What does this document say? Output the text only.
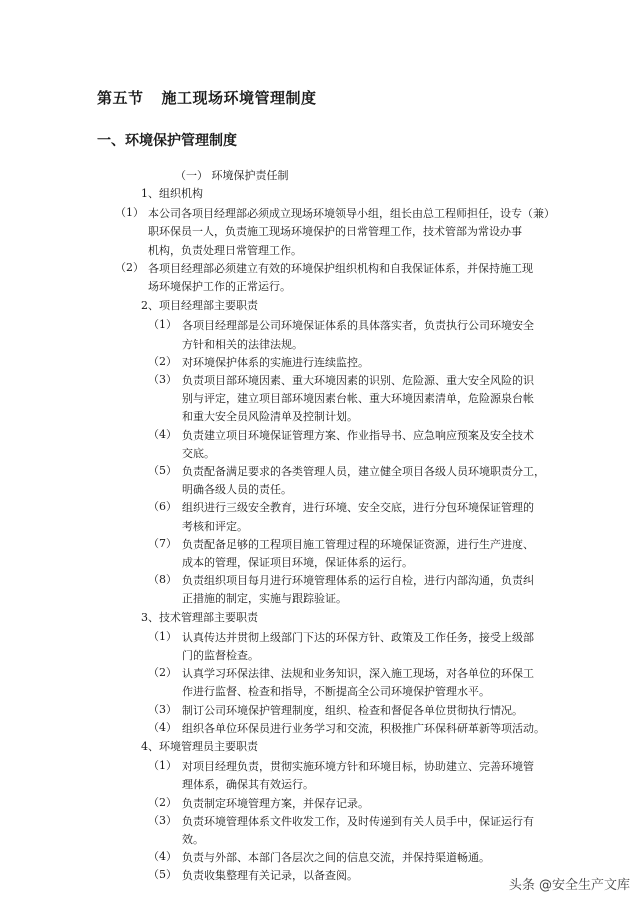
第五节 施工现场环境管理制度
一、环境保护管理制度
（一） 环境保护责任制
1、组织机构
（1） 本公司各项目经理部必须成立现场环境领导小组，组长由总工程师担任，设专（兼）
职环保员一人，负责施工现场环境保护的日常管理工作，技术管部为常设办事
机构，负责处理日常管理工作。
（2） 各项目经理部必须建立有效的环境保护组织机构和自我保证体系，并保持施工现
场环境保护工作的正常运行。
2、项目经理部主要职责
（1） 各项目经理部是公司环境保证体系的具体落实者，负责执行公司环境安全
方针和相关的法律法规。
（2） 对环境保护体系的实施进行连续监控。
（3） 负责项目部环境因素、重大环境因素的识别、危险源、重大安全风险的识
别与评定，建立项目部环境因素台帐、重大环境因素清单，危险源泉台帐
和重大安全员风险清单及控制计划。
（4） 负责建立项目环境保证管理方案、作业指导书、应急响应预案及安全技术
交底。
（5） 负责配备满足要求的各类管理人员，建立健全项目各级人员环境职责分工，
明确各级人员的责任。
（6） 组织进行三级安全教育，进行环境、安全交底，进行分包环境保证管理的
考核和评定。
（7） 负责配备足够的工程项目施工管理过程的环境保证资源，进行生产进度、
成本的管理，保证项目环境，保证体系的运行。
（8） 负责组织项目每月进行环境管理体系的运行自检，进行内部沟通，负责纠
正措施的制定，实施与跟踪验证。
3、技术管理部主要职责
（1） 认真传达并贯彻上级部门下达的环保方针、政策及工作任务，接受上级部
门的监督检查。
（2） 认真学习环保法律、法规和业务知识，深入施工现场，对各单位的环保工
作进行监督、检查和指导，不断提高全公司环境保护管理水平。
（3） 制订公司环境保护管理制度，组织、检查和督促各单位贯彻执行情况。
（4） 组织各单位环保员进行业务学习和交流，积极推广环保科研革新等项活动。
4、环境管理员主要职责
（1） 对项目经理负责，贯彻实施环境方针和环境目标，协助建立、完善环境管
理体系，确保其有效运行。
（2） 负责制定环境管理方案，并保存记录。
（3） 负责环境管理体系文件收发工作，及时传递到有关人员手中，保证运行有
效。
（4） 负责与外部、本部门各层次之间的信息交流，并保持渠道畅通。
（5） 负责收集整理有关记录，以备查阅。
头条 @安全生产文库
